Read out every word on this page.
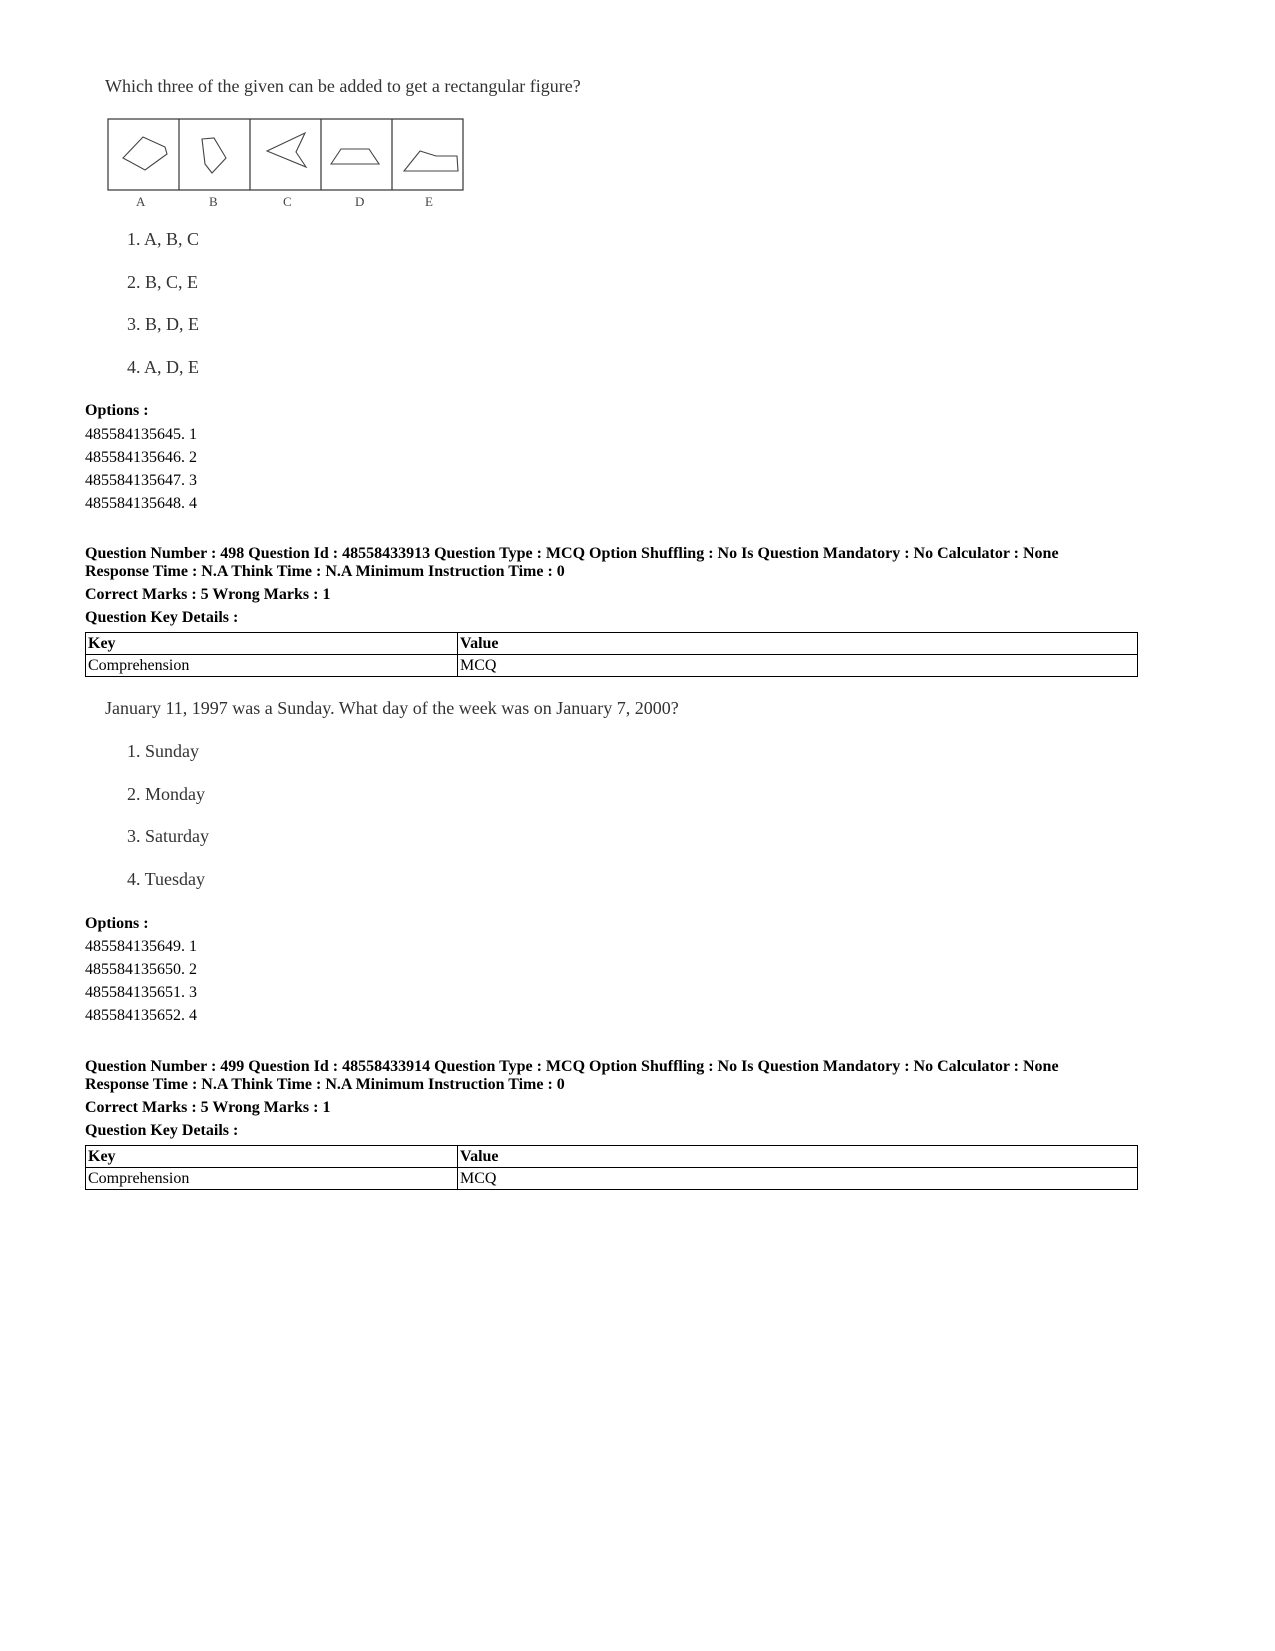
Which three of the given can be added to get a rectangular figure?
A	B	C	D	E
1. A, B, C
2. B, C, E
3. B, D, E
4. A, D, E
Options :
485584135645. 1
485584135646. 2
485584135647. 3
485584135648. 4
Question Number : 498 Question Id : 48558433913 Question Type : MCQ Option Shuffling : No Is Question Mandatory : No Calculator : None
Response Time : N.A Think Time : N.A Minimum Instruction Time : 0
Correct Marks : 5 Wrong Marks : 1
Question Key Details :
Key	Value
Comprehension	MCQ
January 11, 1997 was a Sunday. What day of the week was on January 7, 2000?
1. Sunday
2. Monday
3. Saturday
4. Tuesday
Options :
485584135649. 1
485584135650. 2
485584135651. 3
485584135652. 4
Question Number : 499 Question Id : 48558433914 Question Type : MCQ Option Shuffling : No Is Question Mandatory : No Calculator : None
Response Time : N.A Think Time : N.A Minimum Instruction Time : 0
Correct Marks : 5 Wrong Marks : 1
Question Key Details :
Key	Value
Comprehension	MCQ
